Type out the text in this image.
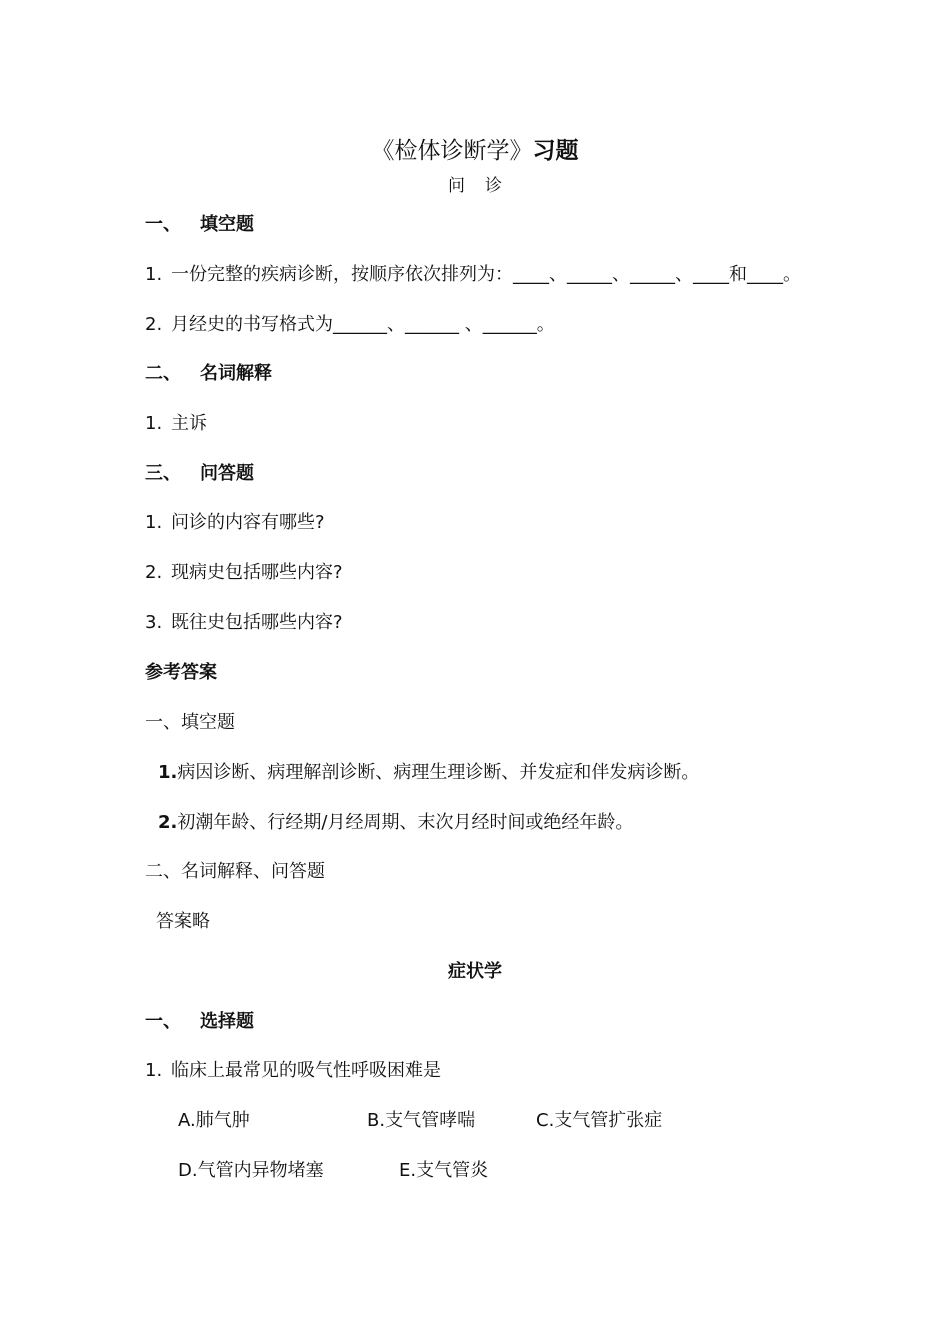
《检体诊断学》习题
问诊
一、 填空题
1. 一份完整的疾病诊断，按顺序依次排列为：____、_____、_____、____和____。
2. 月经史的书写格式为______、______ 、______。
二、 名词解释
1. 主诉
三、 问答题
1. 问诊的内容有哪些?
2. 现病史包括哪些内容?
3. 既往史包括哪些内容?
参考答案
一、填空题
1.病因诊断、病理解剖诊断、病理生理诊断、并发症和伴发病诊断。
2.初潮年龄、行经期/月经周期、末次月经时间或绝经年龄。
二、名词解释、问答题
答案略
症状学
一、 选择题
1. 临床上最常见的吸气性呼吸困难是
A.肺气肿	B.支气管哮喘	C.支气管扩张症
D.气管内异物堵塞	E.支气管炎
